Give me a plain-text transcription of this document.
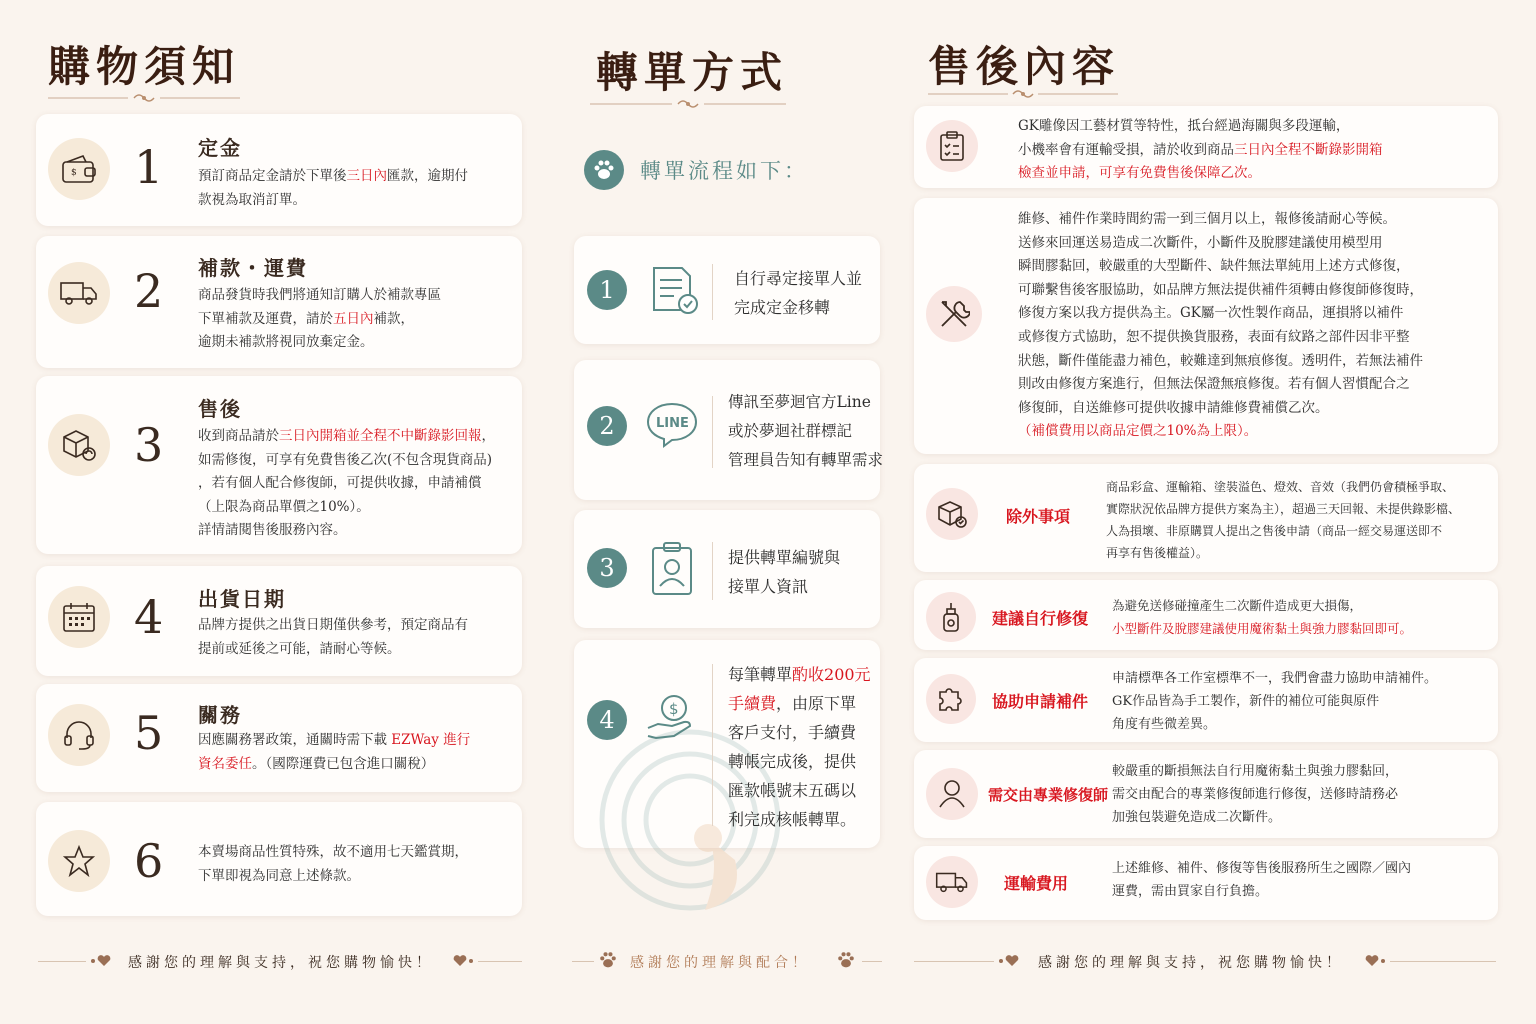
購物須知
$ 1
2
3
4
5
6
定金
補款・運費
售後
出貨日期
關務
預訂商品定金請於下單後三日內匯款，逾期付
款視為取消訂單。
商品發貨時我們將通知訂購人於補款專區
下單補款及運費，請於五日內補款，
逾期未補款將視同放棄定金。
收到商品請於三日內開箱並全程不中斷錄影回報，
如需修復，可享有免費售後乙次(不包含現貨商品)
，若有個人配合修復師，可提供收據，申請補償
（上限為商品單價之10%）。
詳情請閱售後服務內容。
品牌方提供之出貨日期僅供參考，預定商品有
提前或延後之可能，請耐心等候。
因應關務署政策，通關時需下載 EZWay 進行
資名委任。（國際運費已包含進口關稅）
本賣場商品性質特殊，故不適用七天鑑賞期，
下單即視為同意上述條款。
感謝您的理解與支持，祝您購物愉快！
轉單方式
轉單流程如下：
1
2
3
4
LINE
$
自行尋定接單人並
完成定金移轉
傳訊至夢迴官方Line
或於夢迴社群標記
管理員告知有轉單需求
提供轉單編號與
接單人資訊
每筆轉單酌收200元
手續費，由原下單
客戶支付，手續費
轉帳完成後，提供
匯款帳號末五碼以
利完成核帳轉單。
感謝您的理解與配合！
售後內容
GK雕像因工藝材質等特性，抵台經過海關與多段運輸，
小機率會有運輸受損，請於收到商品三日內全程不斷錄影開箱
檢查並申請，可享有免費售後保障乙次。
維修、補件作業時間約需一到三個月以上，報修後請耐心等候。
送修來回運送易造成二次斷件，小斷件及脫膠建議使用模型用
瞬間膠黏回，較嚴重的大型斷件、缺件無法單純用上述方式修復，
可聯繫售後客服協助，如品牌方無法提供補件須轉由修復師修復時，
修復方案以我方提供為主。GK屬一次性製作商品，運損將以補件
或修復方式協助，恕不提供換貨服務，表面有紋路之部件因非平整
狀態，斷件僅能盡力補色，較難達到無痕修復。透明件，若無法補件
則改由修復方案進行，但無法保證無痕修復。若有個人習慣配合之
修復師，自送維修可提供收據申請維修費補償乙次。
（補償費用以商品定價之10%為上限）。
除外事項
商品彩盒、運輸箱、塗裝溢色、燈效、音效（我們仍會積極爭取、
實際狀況依品牌方提供方案為主），超過三天回報、未提供錄影檔、
人為損壞、非原購買人提出之售後申請（商品一經交易運送即不
再享有售後權益）。
建議自行修復
為避免送修碰撞產生二次斷件造成更大損傷，
小型斷件及脫膠建議使用魔術黏土與強力膠黏回即可。
協助申請補件
申請標準各工作室標準不一，我們會盡力協助申請補件。
GK作品皆為手工製作，新件的補位可能與原件
角度有些微差異。
需交由專業修復師
較嚴重的斷損無法自行用魔術黏土與強力膠黏回，
需交由配合的專業修復師進行修復，送修時請務必
加強包裝避免造成二次斷件。
運輸費用
上述維修、補件、修復等售後服務所生之國際／國內
運費，需由買家自行負擔。
感謝您的理解與支持，祝您購物愉快！
